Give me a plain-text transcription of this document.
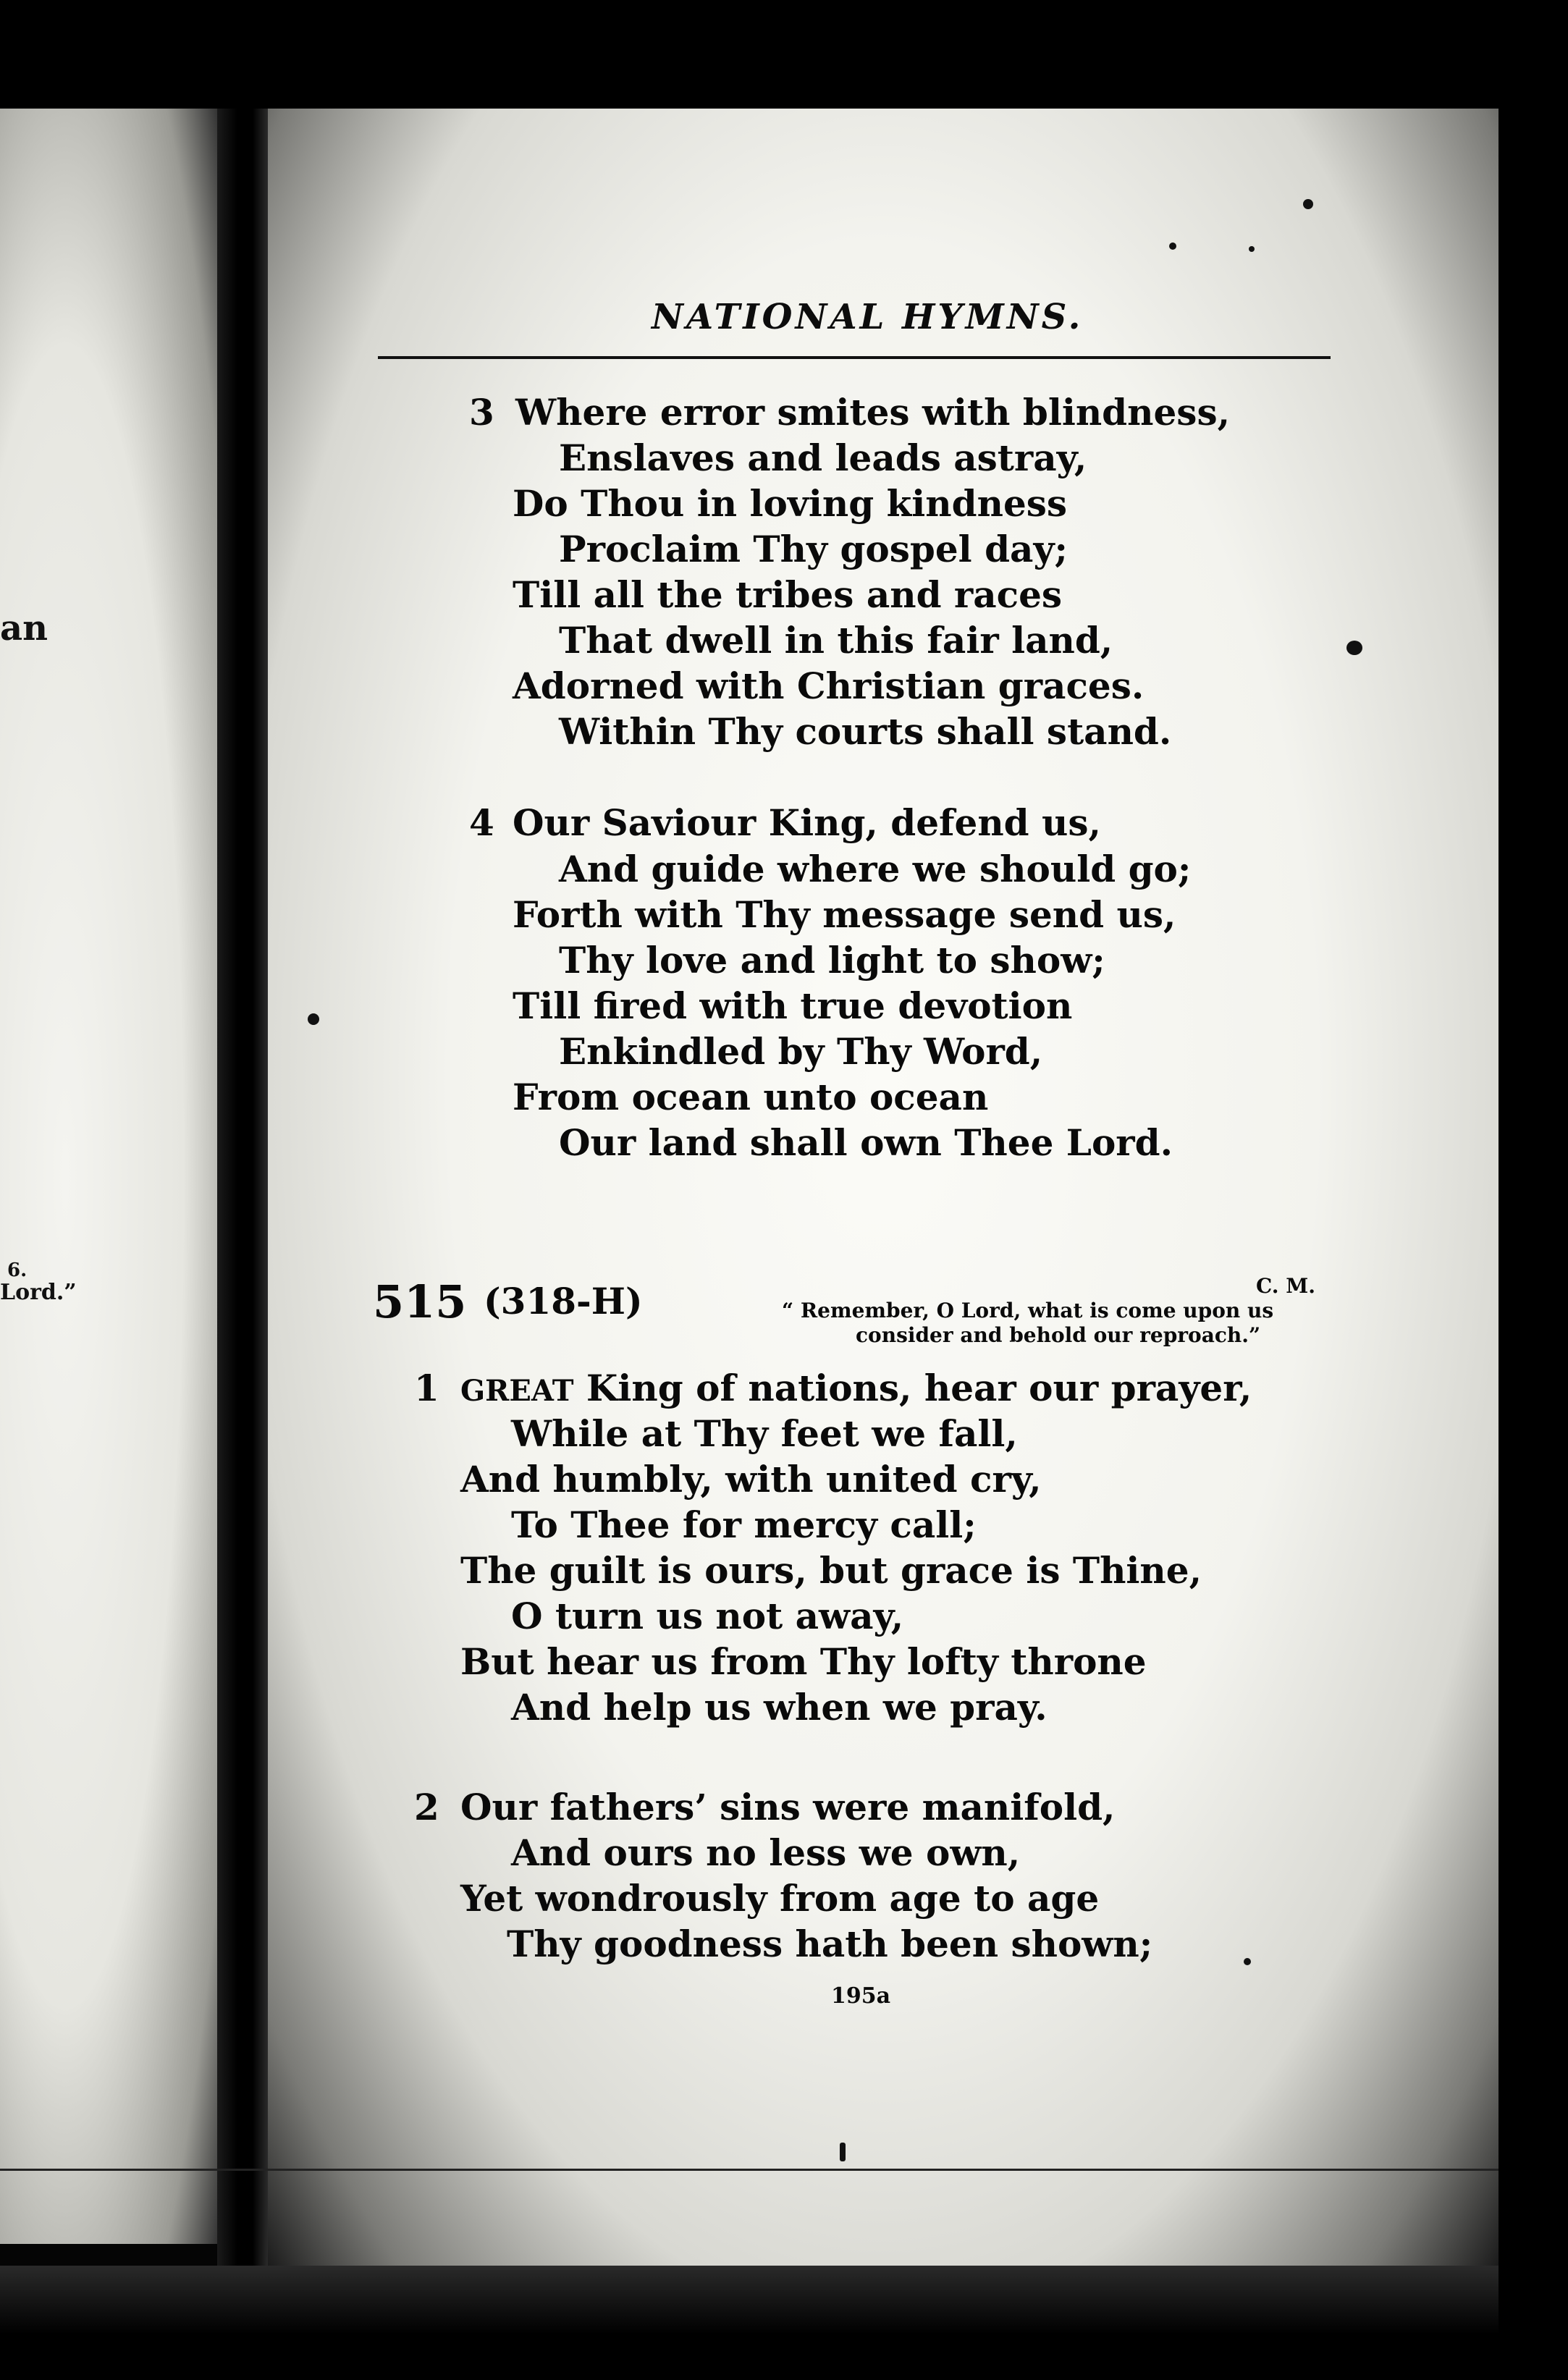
an
6.
Lord.”
NATIONAL HYMNS.
3 Where error smites with blindness,
Enslaves and leads astray,
Do Thou in loving kindness
Proclaim Thy gospel day;
Till all the tribes and races
That dwell in this fair land,
Adorned with Christian graces.
Within Thy courts shall stand.
4 Our Saviour King, defend us,
And guide where we should go;
Forth with Thy message send us,
Thy love and light to show;
Till fired with true devotion
Enkindled by Thy Word,
From ocean unto ocean
Our land shall own Thee Lord.
515 (318-H)	C. M.
“ Remember, O Lord, what is come upon us
consider and behold our reproach.”
1 GREAT King of nations, hear our prayer,
While at Thy feet we fall,
And humbly, with united cry,
To Thee for mercy call;
The guilt is ours, but grace is Thine,
O turn us not away,
But hear us from Thy lofty throne
And help us when we pray.
2 Our fathers’ sins were manifold,
And ours no less we own,
Yet wondrously from age to age
Thy goodness hath been shown;
195a
